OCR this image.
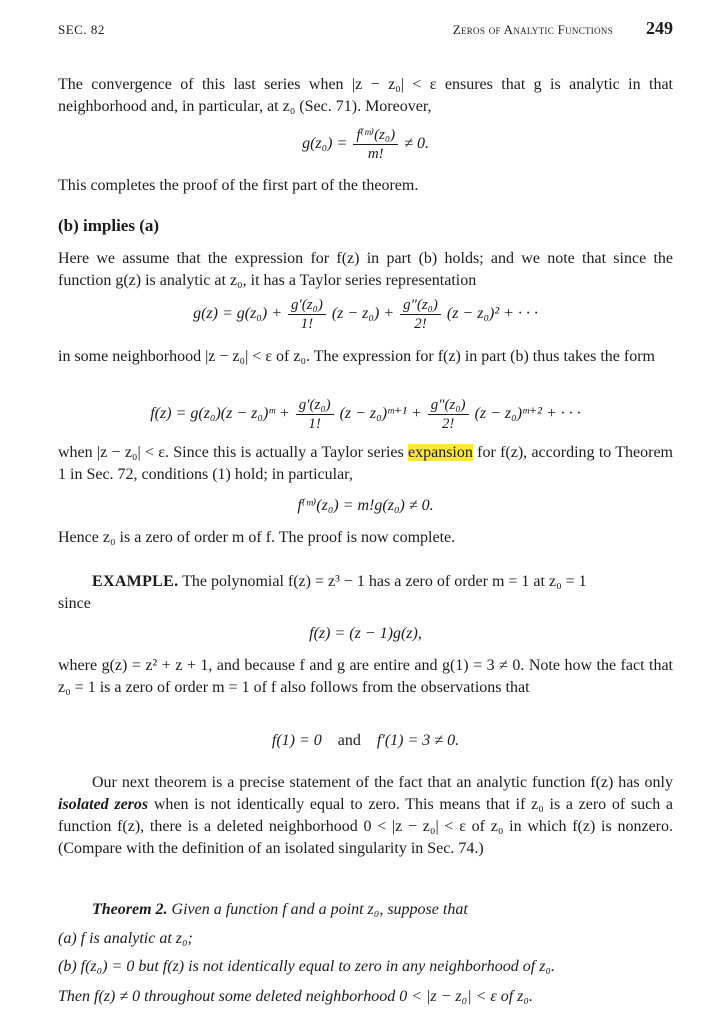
SEC. 82	Zeros of Analytic Functions 249

The convergence of this last series when |z − z₀| < ε ensures that g is analytic in that neighborhood and, in particular, at z₀ (Sec. 71). Moreover,

$g(z_0) = \frac{\text{f⁽ᵐ⁾(z₀)}}{m!} \ne 0$.

This completes the proof of the first part of the theorem.

(b) implies (a)

Here we assume that the expression for f(z) in part (b) holds; and we note that since the function g(z) is analytic at z₀, it has a Taylor series representation

$g(z) = g(z_0) + \frac{\text{g′(z₀)}}{1!} (z - z_0) + \frac{\text{g″(z₀)}}{2!} (z - z_0)^2$ + · · ·

in some neighborhood |z − z₀| < ε of z₀. The expression for f(z) in part (b) thus takes the form

f(z) = g(z₀)(z − z₀)ᵐ + $\frac{\text{g′(z₀)}}{1!} (z$ − z₀)ᵐ⁺¹ + $\frac{\text{g″(z₀)}}{2!} (z$ − z₀)ᵐ⁺² + · · ·

when |z − z₀| < ε. Since this is actually a Taylor series expansion for f(z), according to Theorem 1 in Sec. 72, conditions (1) hold; in particular,

f⁽ᵐ⁾(z₀) = m!g(z₀) ≠ 0.

Hence z₀ is a zero of order m of f. The proof is now complete.

EXAMPLE. The polynomial f(z) = z³ − 1 has a zero of order m = 1 at z₀ = 1

since

f(z) = (z − 1)g(z),

where g(z) = z² + z + 1, and because f and g are entire and g(1) = 3 ≠ 0. Note how the fact that z₀ = 1 is a zero of order m = 1 of f also follows from the observations that

f(1) = 0 and f′(1) = 3 ≠ 0.

Our next theorem is a precise statement of the fact that an analytic function f(z) has only isolated zeros when is not identically equal to zero. This means that if z₀ is a zero of such a function f(z), there is a deleted neighborhood 0 < |z − z₀| < ε of z₀ in which f(z) is nonzero. (Compare with the definition of an isolated singularity in Sec. 74.)

Theorem 2. Given a function f and a point z₀, suppose that
(a) f is analytic at z₀;
(b) f(z₀) = 0 but f(z) is not identically equal to zero in any neighborhood of z₀.
Then f(z) ≠ 0 throughout some deleted neighborhood 0 < |z − z₀| < ε of z₀.
